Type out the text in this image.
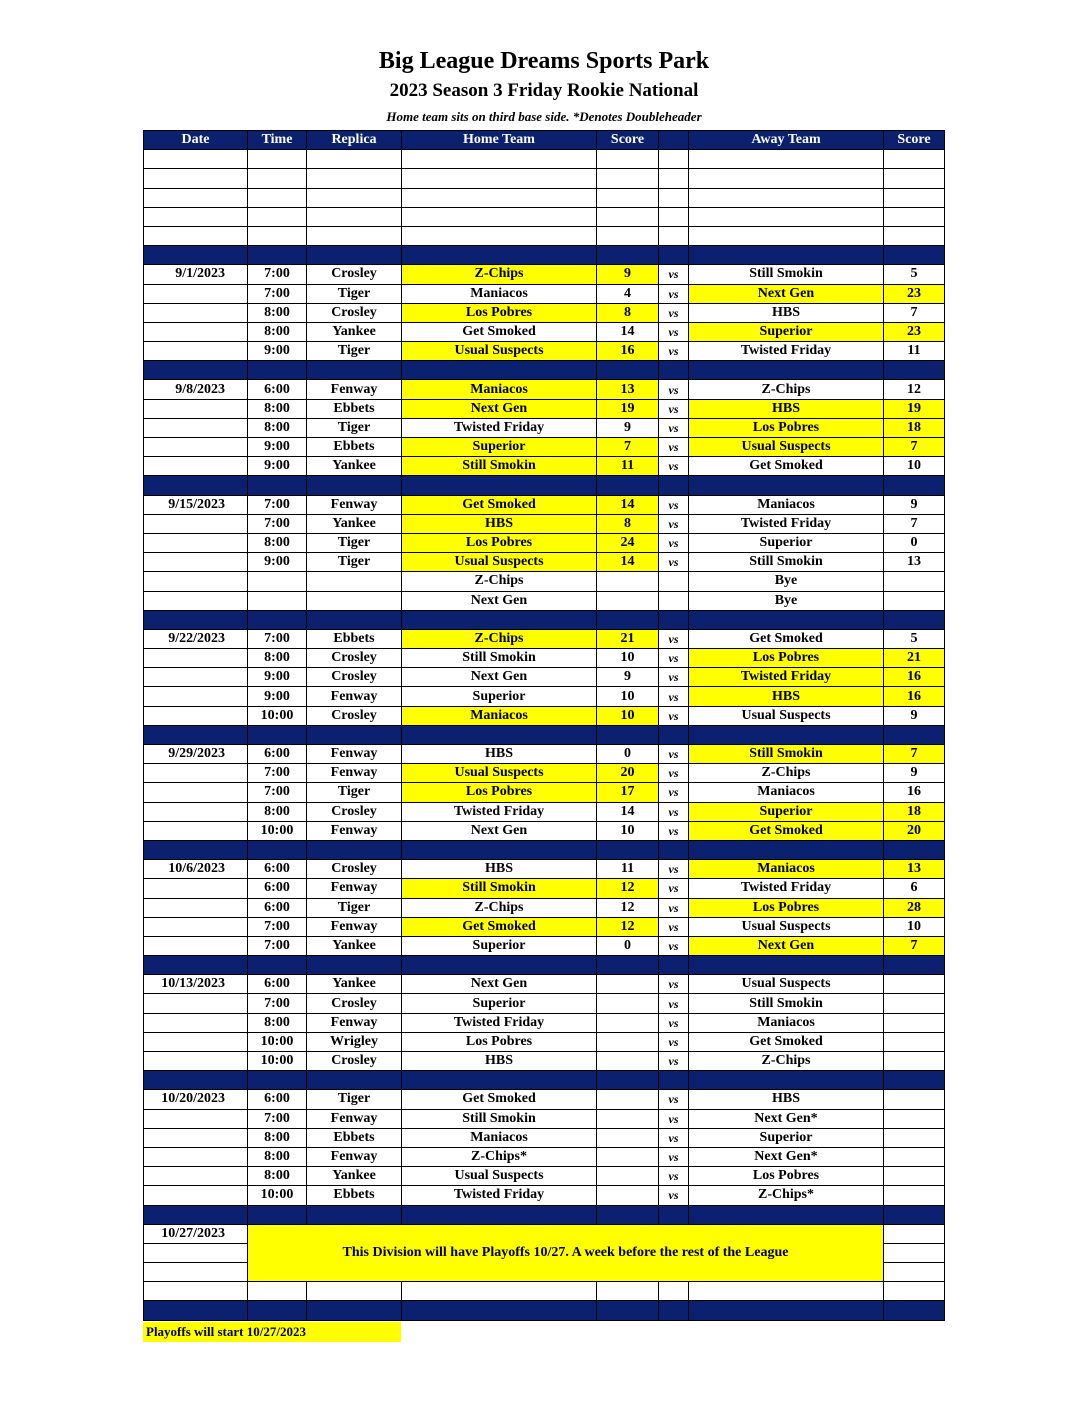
Big League Dreams Sports Park
2023 Season 3 Friday Rookie National
Home team sits on third base side. *Denotes Doubleheader
Date	Time	Replica	Home Team	Score		Away Team	Score

9/1/2023	7:00	Crosley	Z-Chips	9	vs	Still Smokin	5
	7:00	Tiger	Maniacos	4	vs	Next Gen	23
	8:00	Crosley	Los Pobres	8	vs	HBS	7
	8:00	Yankee	Get Smoked	14	vs	Superior	23
	9:00	Tiger	Usual Suspects	16	vs	Twisted Friday	11

9/8/2023	6:00	Fenway	Maniacos	13	vs	Z-Chips	12
	8:00	Ebbets	Next Gen	19	vs	HBS	19
	8:00	Tiger	Twisted Friday	9	vs	Los Pobres	18
	9:00	Ebbets	Superior	7	vs	Usual Suspects	7
	9:00	Yankee	Still Smokin	11	vs	Get Smoked	10

9/15/2023	7:00	Fenway	Get Smoked	14	vs	Maniacos	9
	7:00	Yankee	HBS	8	vs	Twisted Friday	7
	8:00	Tiger	Los Pobres	24	vs	Superior	0
	9:00	Tiger	Usual Suspects	14	vs	Still Smokin	13
			Z-Chips			Bye	
			Next Gen			Bye	

9/22/2023	7:00	Ebbets	Z-Chips	21	vs	Get Smoked	5
	8:00	Crosley	Still Smokin	10	vs	Los Pobres	21
	9:00	Crosley	Next Gen	9	vs	Twisted Friday	16
	9:00	Fenway	Superior	10	vs	HBS	16
	10:00	Crosley	Maniacos	10	vs	Usual Suspects	9

9/29/2023	6:00	Fenway	HBS	0	vs	Still Smokin	7
	7:00	Fenway	Usual Suspects	20	vs	Z-Chips	9
	7:00	Tiger	Los Pobres	17	vs	Maniacos	16
	8:00	Crosley	Twisted Friday	14	vs	Superior	18
	10:00	Fenway	Next Gen	10	vs	Get Smoked	20

10/6/2023	6:00	Crosley	HBS	11	vs	Maniacos	13
	6:00	Fenway	Still Smokin	12	vs	Twisted Friday	6
	6:00	Tiger	Z-Chips	12	vs	Los Pobres	28
	7:00	Fenway	Get Smoked	12	vs	Usual Suspects	10
	7:00	Yankee	Superior	0	vs	Next Gen	7

10/13/2023	6:00	Yankee	Next Gen		vs	Usual Suspects	
	7:00	Crosley	Superior		vs	Still Smokin	
	8:00	Fenway	Twisted Friday		vs	Maniacos	
	10:00	Wrigley	Los Pobres		vs	Get Smoked	
	10:00	Crosley	HBS		vs	Z-Chips	

10/20/2023	6:00	Tiger	Get Smoked		vs	HBS	
	7:00	Fenway	Still Smokin		vs	Next Gen*	
	8:00	Ebbets	Maniacos		vs	Superior	
	8:00	Fenway	Z-Chips*		vs	Next Gen*	
	8:00	Yankee	Usual Suspects		vs	Los Pobres	
	10:00	Ebbets	Twisted Friday		vs	Z-Chips*	

10/27/2023	This Division will have Playoffs 10/27. A week before the rest of the League						

Playoffs will start 10/27/2023
